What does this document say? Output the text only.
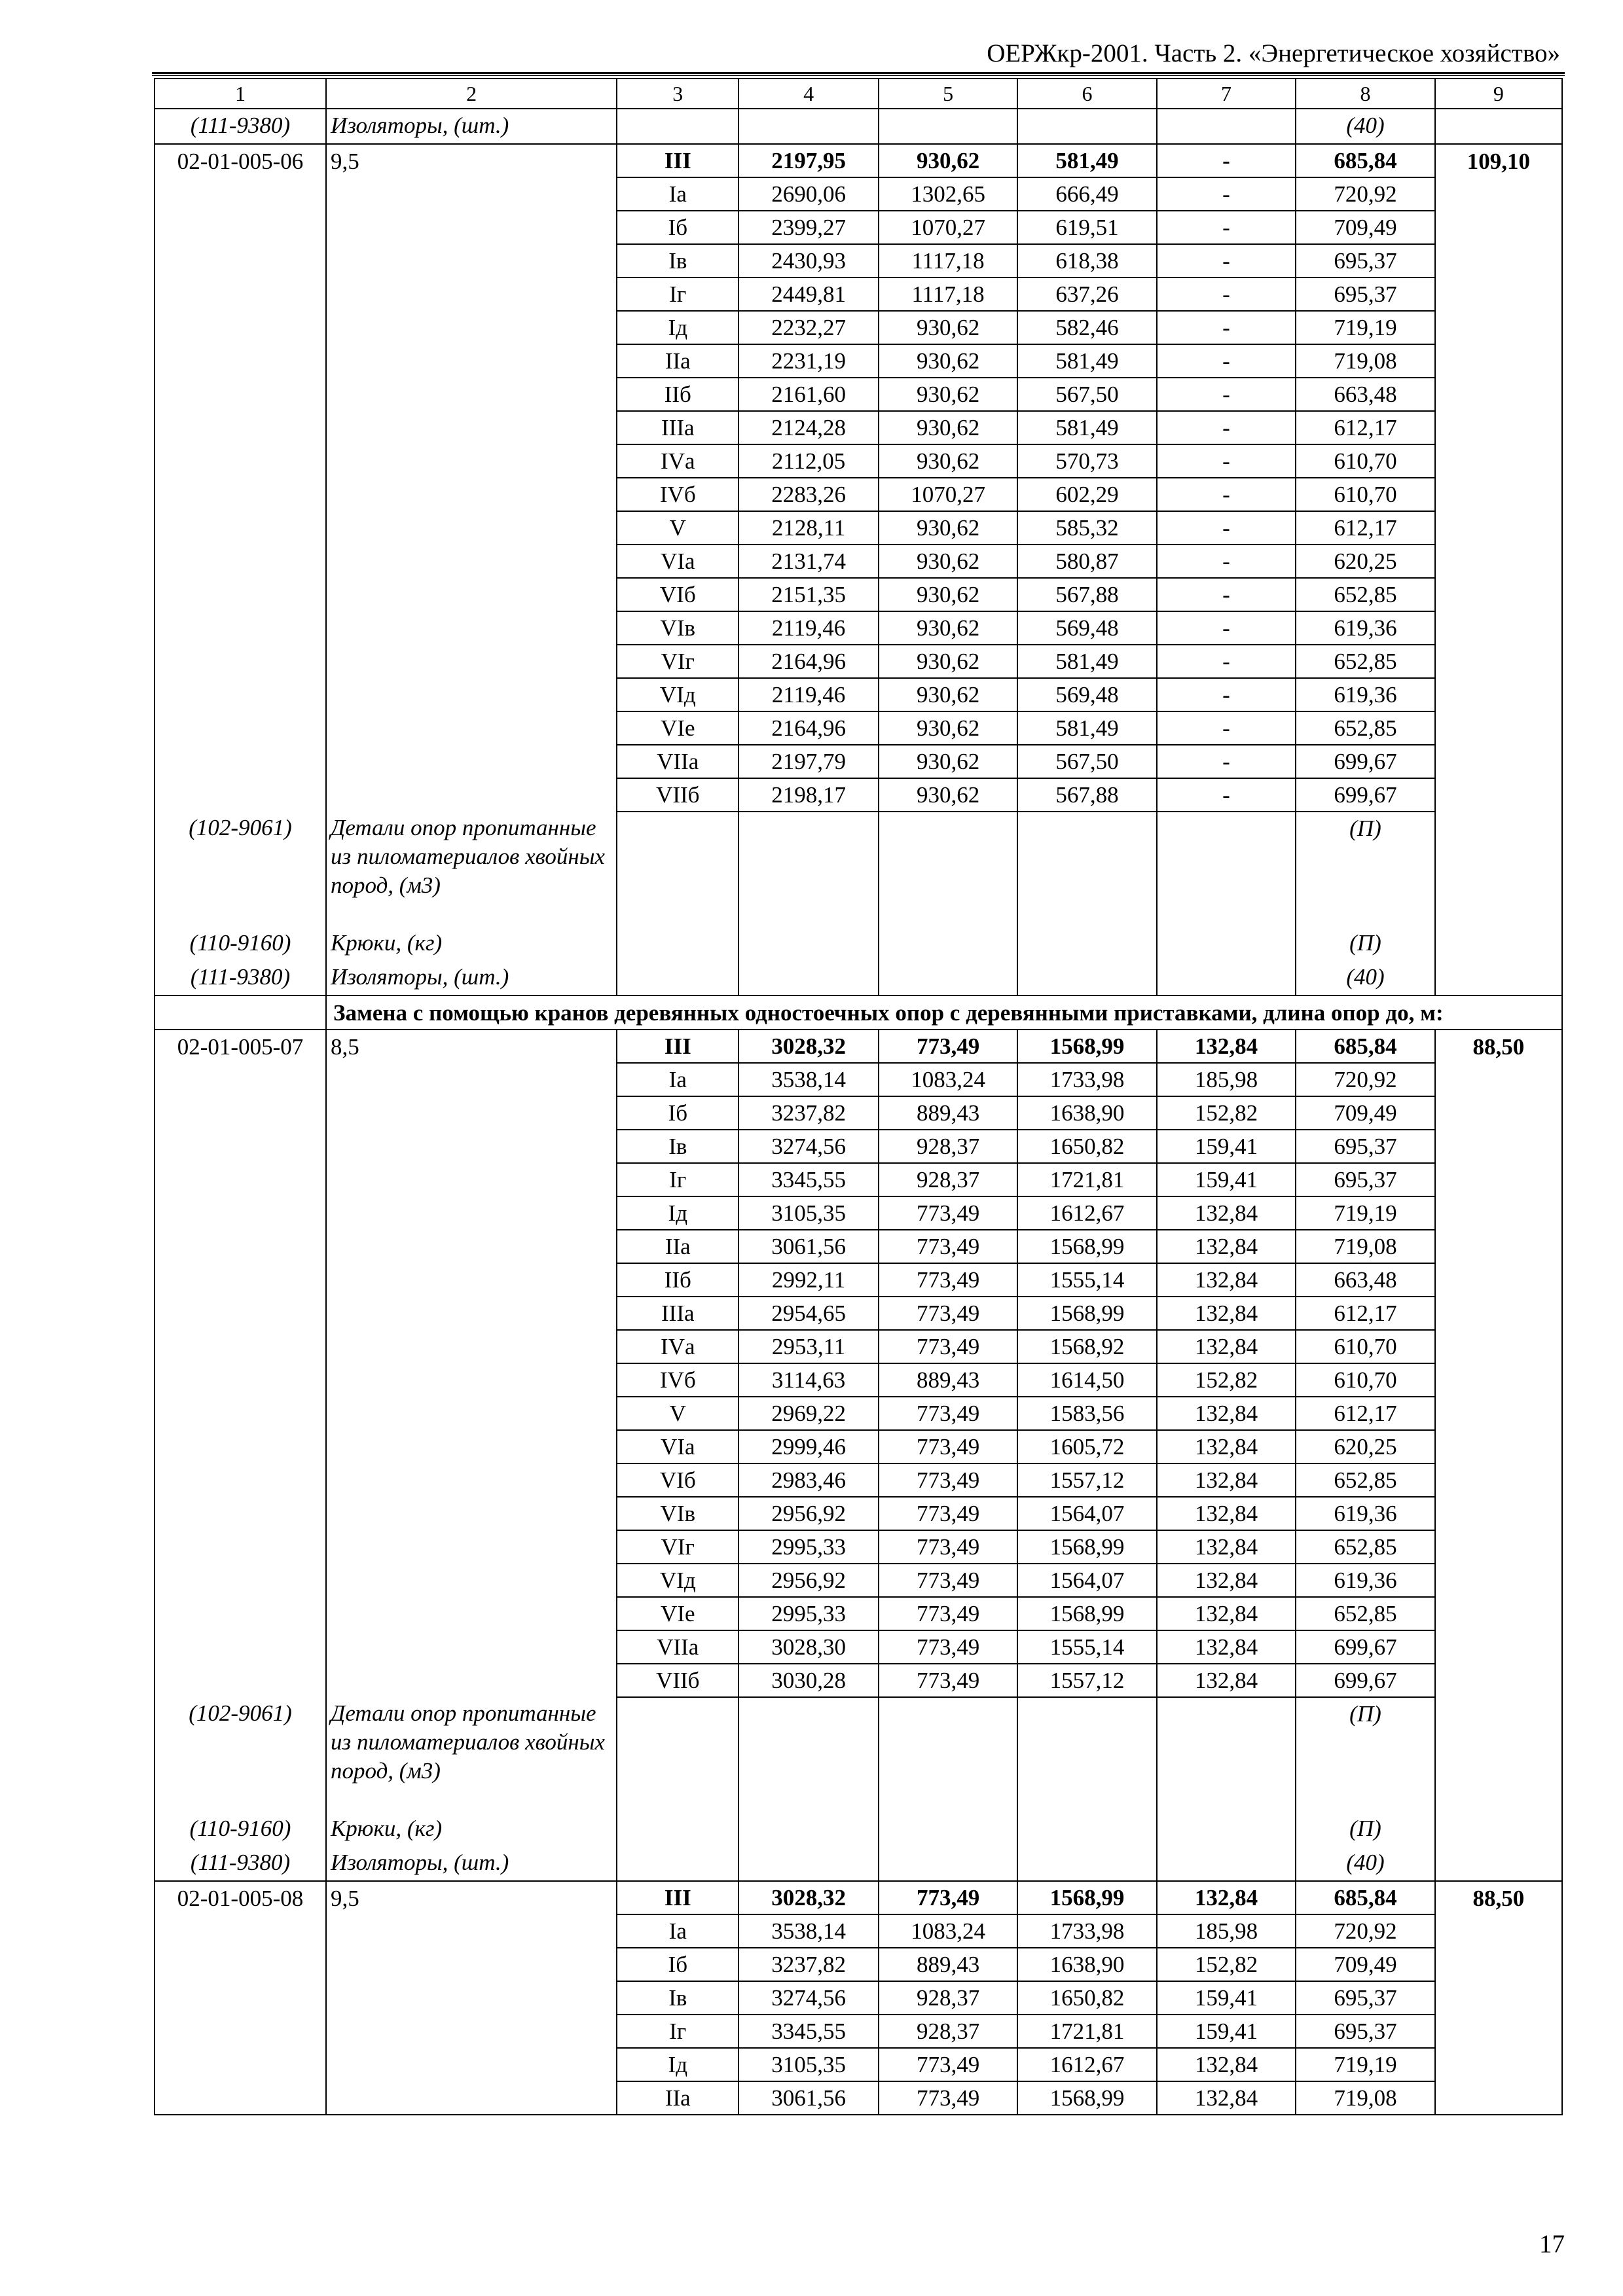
ОЕРЖкр-2001. Часть 2. «Энергетическое хозяйство»
1	2	3	4	5	6	7	8	9
(111-9380)	Изоляторы, (шт.)						(40)	
02-01-005-06	9,5	III	2197,95	930,62	581,49	-	685,84	109,10
		Iа	2690,06	1302,65	666,49	-	720,92	
		Iб	2399,27	1070,27	619,51	-	709,49	
		Iв	2430,93	1117,18	618,38	-	695,37	
		Iг	2449,81	1117,18	637,26	-	695,37	
		Iд	2232,27	930,62	582,46	-	719,19	
		IIа	2231,19	930,62	581,49	-	719,08	
		IIб	2161,60	930,62	567,50	-	663,48	
		IIIа	2124,28	930,62	581,49	-	612,17	
		IVа	2112,05	930,62	570,73	-	610,70	
		IVб	2283,26	1070,27	602,29	-	610,70	
		V	2128,11	930,62	585,32	-	612,17	
		VIа	2131,74	930,62	580,87	-	620,25	
		VIб	2151,35	930,62	567,88	-	652,85	
		VIв	2119,46	930,62	569,48	-	619,36	
		VIг	2164,96	930,62	581,49	-	652,85	
		VIд	2119,46	930,62	569,48	-	619,36	
		VIе	2164,96	930,62	581,49	-	652,85	
		VIIа	2197,79	930,62	567,50	-	699,67	
		VIIб	2198,17	930,62	567,88	-	699,67	
(102-9061)	Детали опор пропитанные из пиломатериалов хвойных пород, (м3)						(П)	
(110-9160)	Крюки, (кг)						(П)	
(111-9380)	Изоляторы, (шт.)						(40)	
	Замена с помощью кранов деревянных одностоечных опор с деревянными приставками, длина опор до, м:							
02-01-005-07	8,5	III	3028,32	773,49	1568,99	132,84	685,84	88,50
		Iа	3538,14	1083,24	1733,98	185,98	720,92	
		Iб	3237,82	889,43	1638,90	152,82	709,49	
		Iв	3274,56	928,37	1650,82	159,41	695,37	
		Iг	3345,55	928,37	1721,81	159,41	695,37	
		Iд	3105,35	773,49	1612,67	132,84	719,19	
		IIа	3061,56	773,49	1568,99	132,84	719,08	
		IIб	2992,11	773,49	1555,14	132,84	663,48	
		IIIа	2954,65	773,49	1568,99	132,84	612,17	
		IVа	2953,11	773,49	1568,92	132,84	610,70	
		IVб	3114,63	889,43	1614,50	152,82	610,70	
		V	2969,22	773,49	1583,56	132,84	612,17	
		VIа	2999,46	773,49	1605,72	132,84	620,25	
		VIб	2983,46	773,49	1557,12	132,84	652,85	
		VIв	2956,92	773,49	1564,07	132,84	619,36	
		VIг	2995,33	773,49	1568,99	132,84	652,85	
		VIд	2956,92	773,49	1564,07	132,84	619,36	
		VIе	2995,33	773,49	1568,99	132,84	652,85	
		VIIа	3028,30	773,49	1555,14	132,84	699,67	
		VIIб	3030,28	773,49	1557,12	132,84	699,67	
(102-9061)	Детали опор пропитанные из пиломатериалов хвойных пород, (м3)						(П)	
(110-9160)	Крюки, (кг)						(П)	
(111-9380)	Изоляторы, (шт.)						(40)	
02-01-005-08	9,5	III	3028,32	773,49	1568,99	132,84	685,84	88,50
		Iа	3538,14	1083,24	1733,98	185,98	720,92	
		Iб	3237,82	889,43	1638,90	152,82	709,49	
		Iв	3274,56	928,37	1650,82	159,41	695,37	
		Iг	3345,55	928,37	1721,81	159,41	695,37	
		Iд	3105,35	773,49	1612,67	132,84	719,19	
		IIа	3061,56	773,49	1568,99	132,84	719,08	
17
